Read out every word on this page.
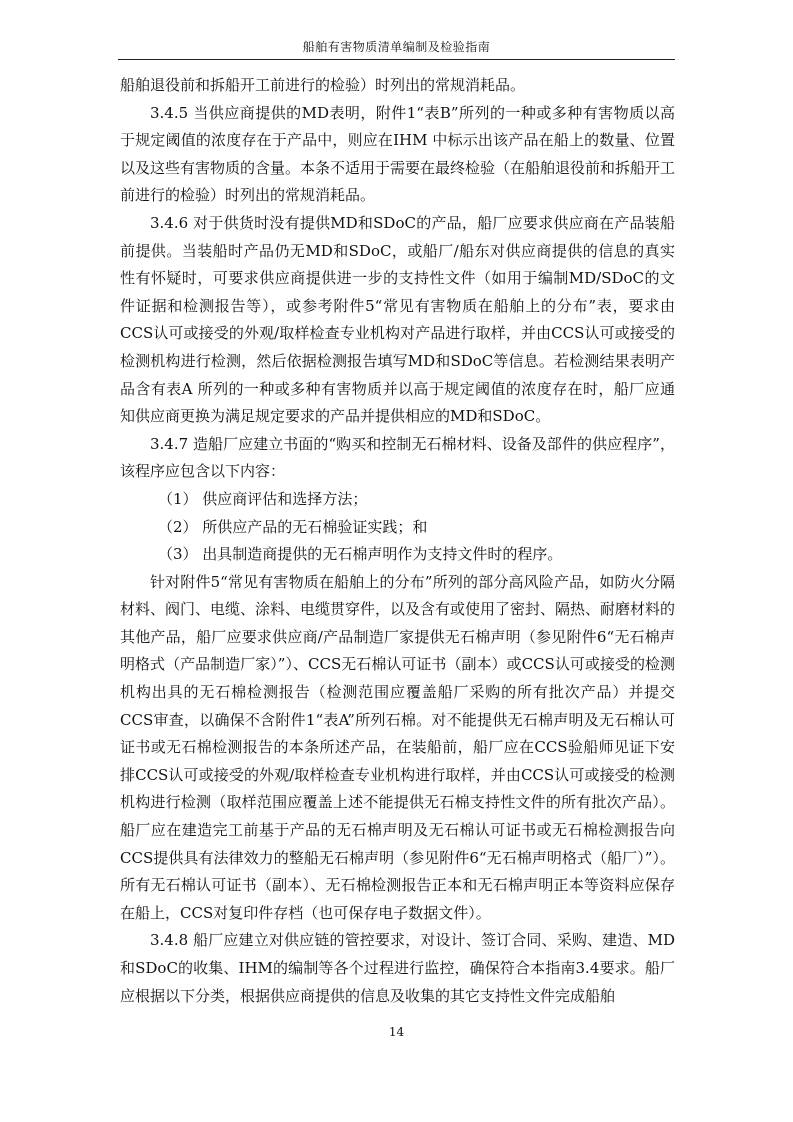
船舶有害物质清单编制及检验指南

船舶退役前和拆船开工前进行的检验）时列出的常规消耗品。

3.4.5 当供应商提供的MD表明，附件1“表B”所列的一种或多种有害物质以高于规定阈值的浓度存在于产品中，则应在IHM 中标示出该产品在船上的数量、位置以及这些有害物质的含量。本条不适用于需要在最终检验（在船舶退役前和拆船开工前进行的检验）时列出的常规消耗品。

3.4.6 对于供货时没有提供MD和SDoC的产品，船厂应要求供应商在产品装船前提供。当装船时产品仍无MD和SDoC，或船厂/船东对供应商提供的信息的真实性有怀疑时，可要求供应商提供进一步的支持性文件（如用于编制MD/SDoC的文件证据和检测报告等），或参考附件5“常见有害物质在船舶上的分布”表，要求由CCS认可或接受的外观/取样检查专业机构对产品进行取样，并由CCS认可或接受的检测机构进行检测，然后依据检测报告填写MD和SDoC等信息。若检测结果表明产品含有表A 所列的一种或多种有害物质并以高于规定阈值的浓度存在时，船厂应通知供应商更换为满足规定要求的产品并提供相应的MD和SDoC。

3.4.7 造船厂应建立书面的“购买和控制无石棉材料、设备及部件的供应程序”，该程序应包含以下内容：

（1） 供应商评估和选择方法；

（2） 所供应产品的无石棉验证实践；和

（3） 出具制造商提供的无石棉声明作为支持文件时的程序。

针对附件5“常见有害物质在船舶上的分布”所列的部分高风险产品，如防火分隔材料、阀门、电缆、涂料、电缆贯穿件，以及含有或使用了密封、隔热、耐磨材料的其他产品，船厂应要求供应商/产品制造厂家提供无石棉声明（参见附件6“无石棉声明格式（产品制造厂家）”）、CCS无石棉认可证书（副本）或CCS认可或接受的检测机构出具的无石棉检测报告（检测范围应覆盖船厂采购的所有批次产品）并提交CCS审查，以确保不含附件1“表A”所列石棉。对不能提供无石棉声明及无石棉认可证书或无石棉检测报告的本条所述产品，在装船前，船厂应在CCS验船师见证下安排CCS认可或接受的外观/取样检查专业机构进行取样，并由CCS认可或接受的检测机构进行检测（取样范围应覆盖上述不能提供无石棉支持性文件的所有批次产品）。船厂应在建造完工前基于产品的无石棉声明及无石棉认可证书或无石棉检测报告向CCS提供具有法律效力的整船无石棉声明（参见附件6“无石棉声明格式（船厂）”）。所有无石棉认可证书（副本）、无石棉检测报告正本和无石棉声明正本等资料应保存在船上，CCS对复印件存档（也可保存电子数据文件）。

3.4.8 船厂应建立对供应链的管控要求，对设计、签订合同、采购、建造、MD和SDoC的收集、IHM的编制等各个过程进行监控，确保符合本指南3.4要求。船厂应根据以下分类，根据供应商提供的信息及收集的其它支持性文件完成船舶

14
